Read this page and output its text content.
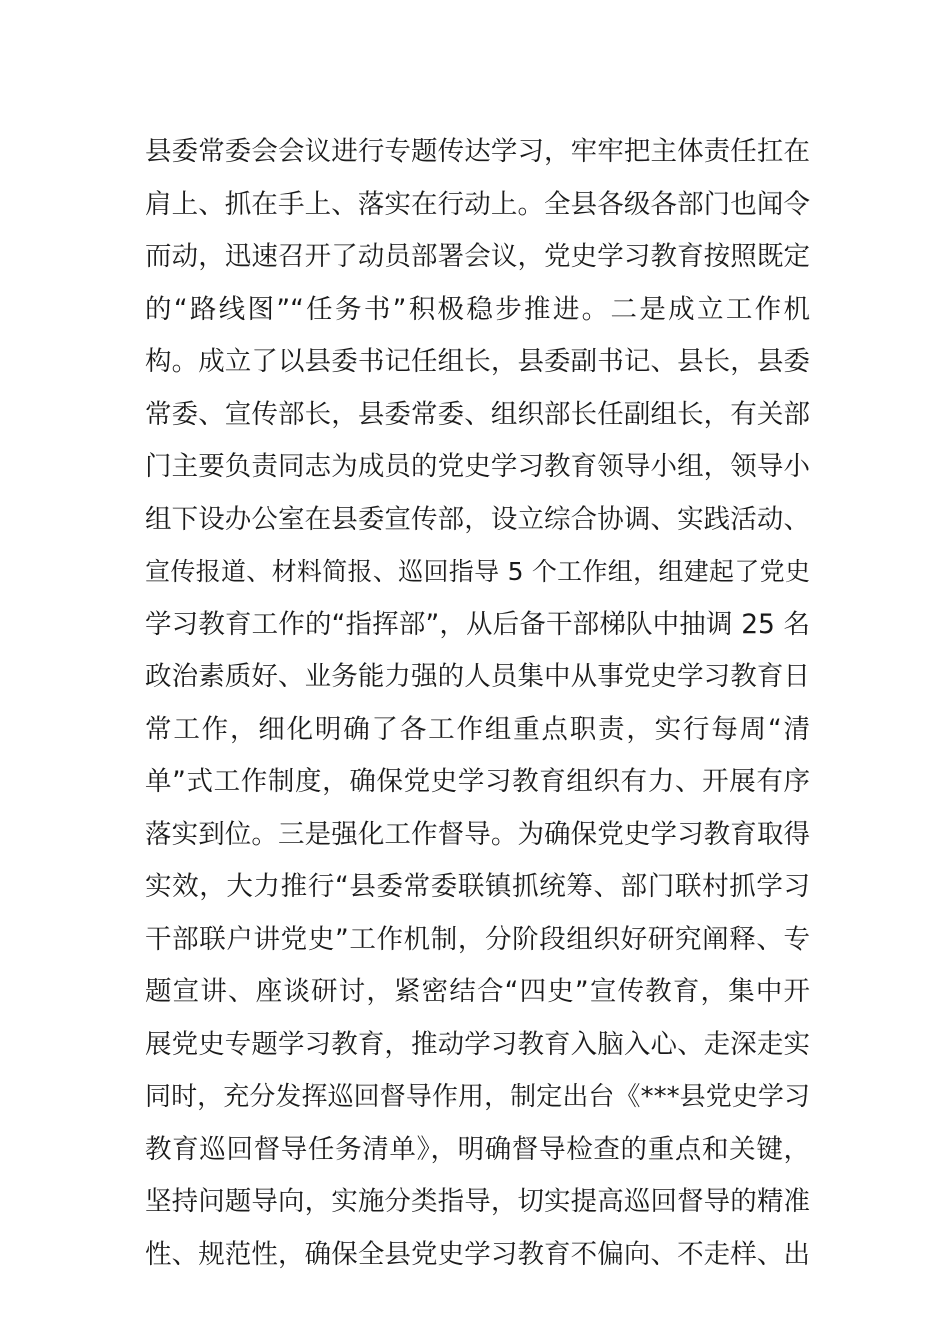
县委常委会会议进行专题传达学习，牢牢把主体责任扛在
肩上、抓在手上、落实在行动上。全县各级各部门也闻令
而动，迅速召开了动员部署会议，党史学习教育按照既定
的“路线图”“任务书”积极稳步推进。二是成立工作机
构。成立了以县委书记任组长，县委副书记、县长，县委
常委、宣传部长，县委常委、组织部长任副组长，有关部
门主要负责同志为成员的党史学习教育领导小组，领导小
组下设办公室在县委宣传部，设立综合协调、实践活动、
宣传报道、材料简报、巡回指导 5 个工作组，组建起了党史
学习教育工作的“指挥部”，从后备干部梯队中抽调 25 名
政治素质好、业务能力强的人员集中从事党史学习教育日
常工作，细化明确了各工作组重点职责，实行每周“清
单”式工作制度，确保党史学习教育组织有力、开展有序
落实到位。三是强化工作督导。为确保党史学习教育取得
实效，大力推行“县委常委联镇抓统筹、部门联村抓学习
干部联户讲党史”工作机制，分阶段组织好研究阐释、专
题宣讲、座谈研讨，紧密结合“四史”宣传教育，集中开
展党史专题学习教育，推动学习教育入脑入心、走深走实
同时，充分发挥巡回督导作用，制定出台《***县党史学习
教育巡回督导任务清单》，明确督导检查的重点和关键，
坚持问题导向，实施分类指导，切实提高巡回督导的精准
性、规范性，确保全县党史学习教育不偏向、不走样、出
